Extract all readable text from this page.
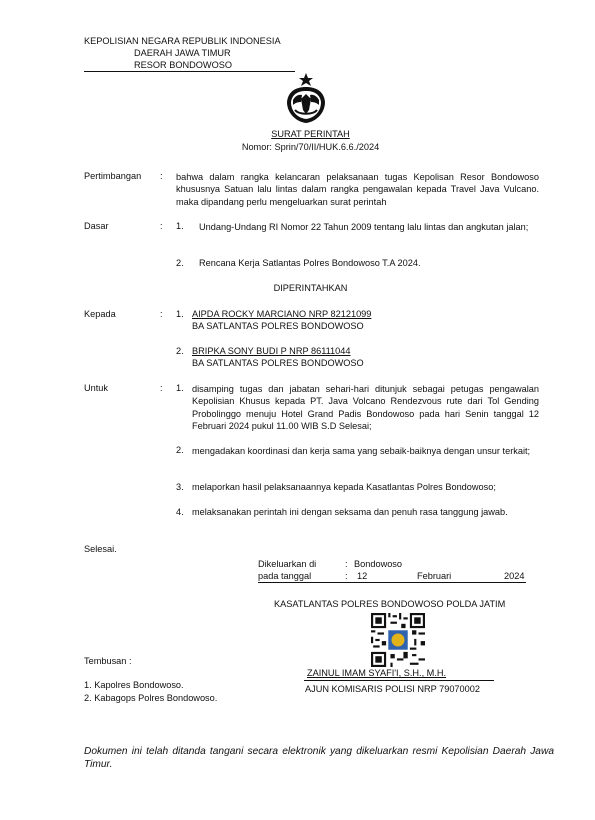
KEPOLISIAN NEGARA REPUBLIK INDONESIA
DAERAH JAWA TIMUR
RESOR BONDOWOSO
SURAT PERINTAH
Nomor: Sprin/70/II/HUK.6.6./2024
Pertimbangan : bahwa dalam rangka kelancaran pelaksanaan tugas Kepolisan Resor Bondowoso khususnya Satuan lalu lintas dalam rangka pengawalan kepada Travel Java Vulcano. maka dipandang perlu mengeluarkan surat perintah
Dasar	: 1. Undang-Undang RI Nomor 22 Tahun 2009 tentang lalu lintas dan angkutan jalan;
2. Rencana Kerja Satlantas Polres Bondowoso T.A 2024.
DIPERINTAHKAN
Kepada	: 1. AIPDA ROCKY MARCIANO NRP 82121099
BA SATLANTAS POLRES BONDOWOSO
2. BRIPKA SONY BUDI P NRP 86111044
BA SATLANTAS POLRES BONDOWOSO
Untuk	: 1. disamping tugas dan jabatan sehari-hari ditunjuk sebagai petugas pengawalan Kepolisian Khusus kepada PT. Java Volcano Rendezvous rute dari Tol Gending Probolinggo menuju Hotel Grand Padis Bondowoso pada hari Senin tanggal 12 Februari 2024 pukul 11.00 WIB S.D Selesai;
2. mengadakan koordinasi dan kerja sama yang sebaik-baiknya dengan unsur terkait;
3. melaporkan hasil pelaksanaannya kepada Kasatlantas Polres Bondowoso;
4. melaksanakan perintah ini dengan seksama dan penuh rasa tanggung jawab.
Selesai.
Dikeluarkan di	: Bondowoso
pada tanggal	: 12	Februari	2024
KASATLANTAS POLRES BONDOWOSO POLDA JATIM
ZAINUL IMAM SYAFI'I, S.H., M.H.
AJUN KOMISARIS POLISI NRP 79070002
Tembusan :
1. Kapolres Bondowoso.
2. Kabagops Polres Bondowoso.
Dokumen ini telah ditanda tangani secara elektronik yang dikeluarkan resmi Kepolisian Daerah Jawa Timur.
